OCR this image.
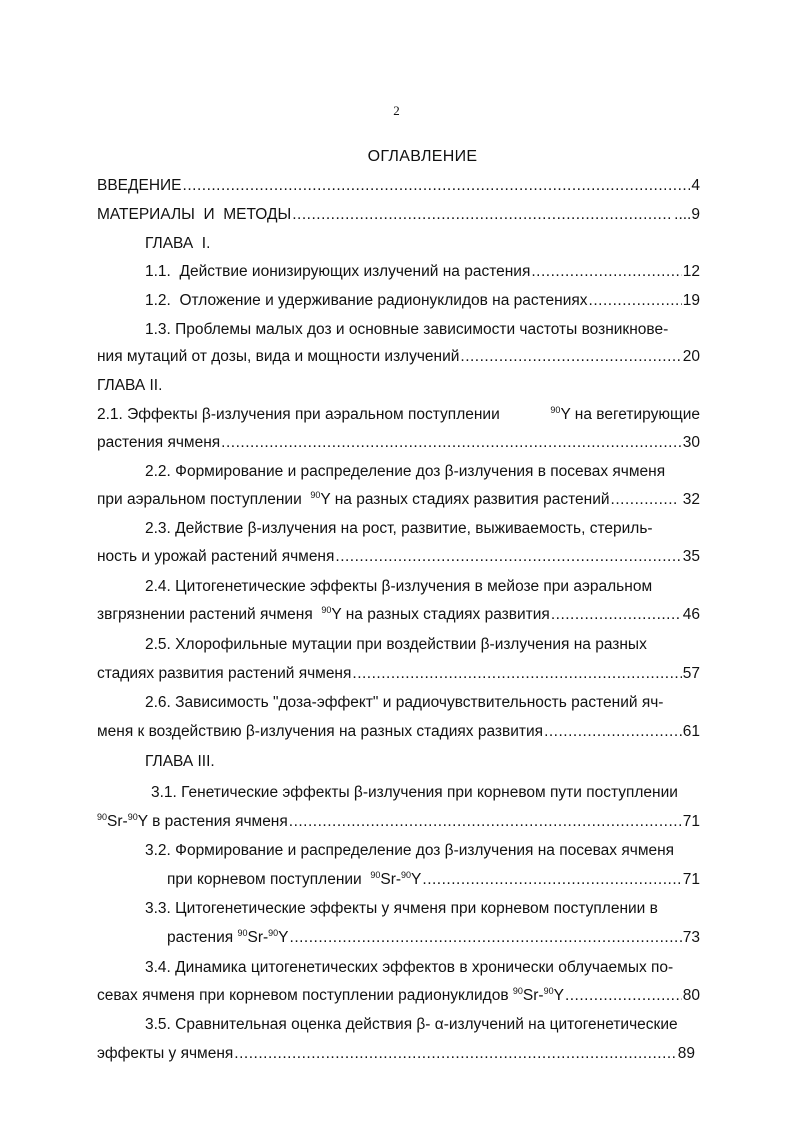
2
ОГЛАВЛЕНИЕ
ВВЕДЕНИЕ .....	4
МАТЕРИАЛЫ  И  МЕТОДЫ .....	....9
ГЛАВА  I.
1.1.  Действие ионизирующих излучений на растения .....	12
1.2.  Отложение и удерживание радионуклидов на растениях .....	19
1.3. Проблемы малых доз и основные зависимости частоты возникнове-
ния мутаций от дозы, вида и мощности излучений .....	20
ГЛАВА II.
2.1. Эффекты β-излучения при аэральном поступлении	$^{90}$Y на вегетирующие
растения ячменя .....	30
2.2. Формирование и распределение доз β-излучения в посевах ячменя
при аэральном поступлении $^{90}$Y на разных стадиях развития растений .....	32
2.3. Действие β-излучения на рост, развитие, выживаемость, стериль-
ность и урожай растений ячменя .....	35
2.4. Цитогенетические эффекты β-излучения в мейозе при аэральном
звгрязнении растений ячменя $^{90}$Y на разных стадиях развития .....	46
2.5. Хлорофильные мутации при воздействии β-излучения на разных
стадиях развития растений ячменя .....	57
2.6. Зависимость "доза-эффект" и радиочувствительность растений яч-
меня к воздействию β-излучения на разных стадиях развития .....	61
ГЛАВА III.
3.1. Генетические эффекты β-излучения при корневом пути поступлении
$^{90}$Sr-$^{90}$Y в растения ячменя .....	71
3.2. Формирование и распределение доз β-излучения на посевах ячменя
при корневом поступлении $^{90}$Sr-$^{90}$Y .....	71
3.3. Цитогенетические эффекты у ячменя при корневом поступлении в
растения $^{90}$Sr-$^{90}$Y .....	73
3.4. Динамика цитогенетических эффектов в хронически облучаемых по-
севах ячменя при корневом поступлении радионуклидов $^{90}$Sr-$^{90}$Y .....	80
3.5. Сравнительная оценка действия β- α-излучений на цитогенетические
эффекты у ячменя .....	89
